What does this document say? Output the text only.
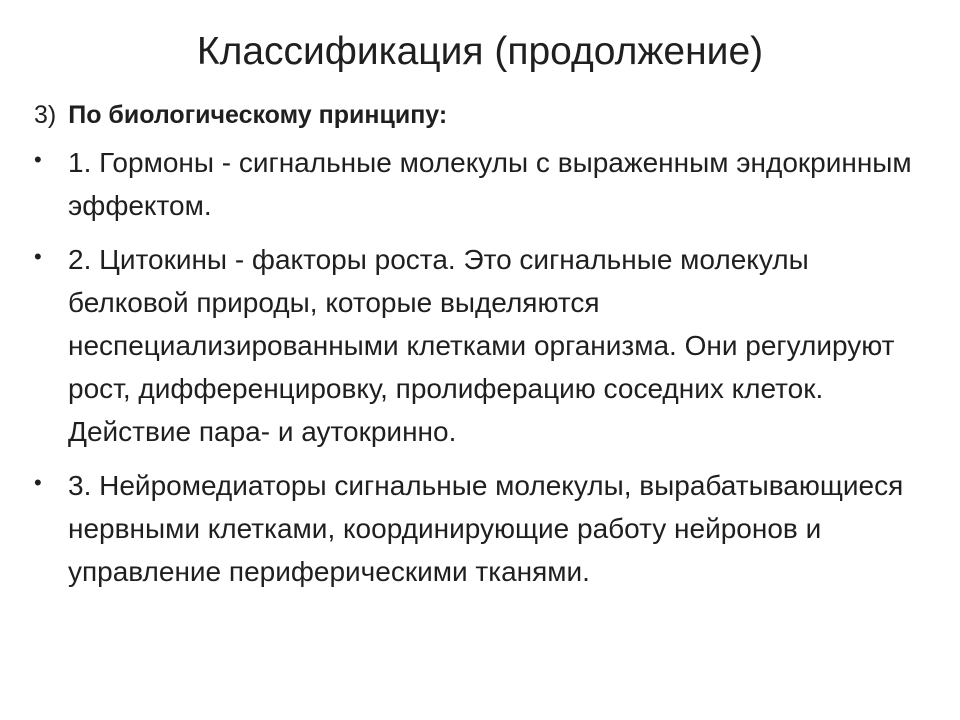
Классификация (продолжение)
3) По биологическому принципу:
• 1. Гормоны - сигнальные молекулы с выраженным эндокринным эффектом.
• 2. Цитокины - факторы роста. Это сигнальные молекулы белковой природы, которые выделяются неспециализированными клетками организма. Они регулируют рост, дифференцировку, пролиферацию соседних клеток. Действие пара- и аутокринно.
• 3. Нейромедиаторы сигнальные молекулы, вырабатывающиеся нервными клетками, координирующие работу нейронов и управление периферическими тканями.
